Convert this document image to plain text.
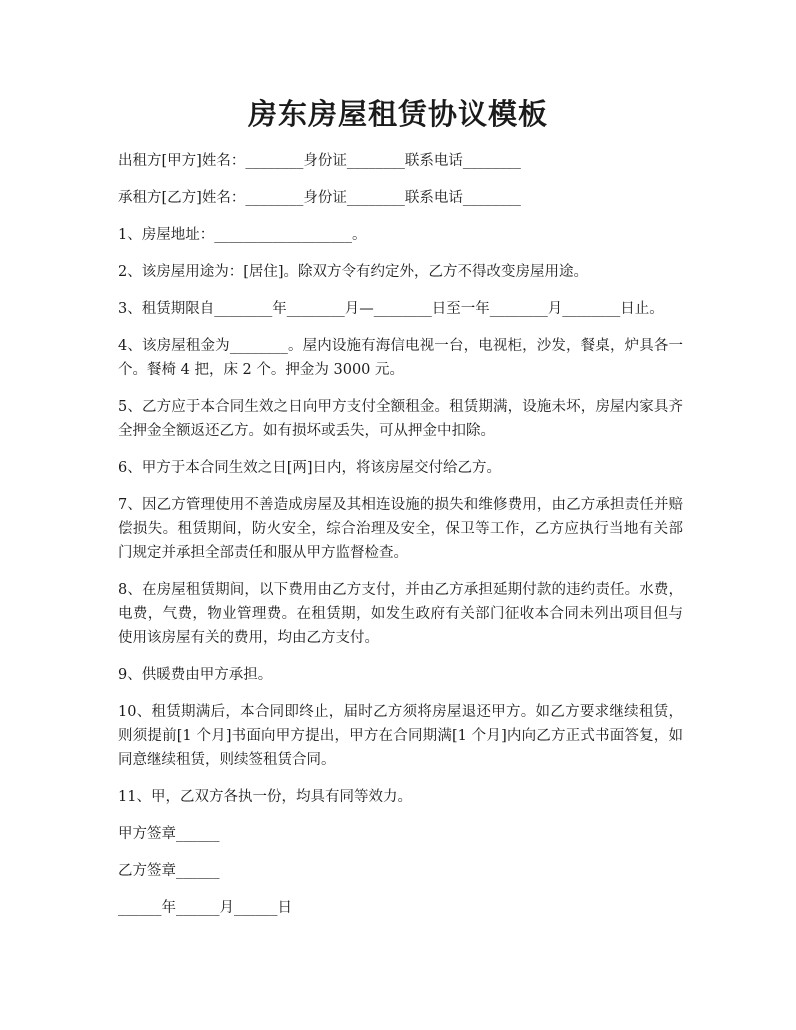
房东房屋租赁协议模板

出租方[甲方]姓名：________身份证________联系电话________

承租方[乙方]姓名：________身份证________联系电话________

1、房屋地址：___________________。

2、该房屋用途为：[居住]。除双方令有约定外，乙方不得改变房屋用途。

3、租赁期限自________年________月—________日至一年________月________日止。

4、该房屋租金为________。屋内设施有海信电视一台，电视柜，沙发，餐桌，炉具各一个。餐椅 4 把，床 2 个。押金为 3000 元。

5、乙方应于本合同生效之日向甲方支付全额租金。租赁期满，设施未坏，房屋内家具齐全押金全额返还乙方。如有损坏或丢失，可从押金中扣除。

6、甲方于本合同生效之日[两]日内，将该房屋交付给乙方。

7、因乙方管理使用不善造成房屋及其相连设施的损失和维修费用，由乙方承担责任并赔偿损失。租赁期间，防火安全，综合治理及安全，保卫等工作，乙方应执行当地有关部门规定并承担全部责任和服从甲方监督检查。

8、在房屋租赁期间，以下费用由乙方支付，并由乙方承担延期付款的违约责任。水费，电费，气费，物业管理费。在租赁期，如发生政府有关部门征收本合同未列出项目但与使用该房屋有关的费用，均由乙方支付。

9、供暖费由甲方承担。

10、租赁期满后，本合同即终止，届时乙方须将房屋退还甲方。如乙方要求继续租赁，则须提前[1 个月]书面向甲方提出，甲方在合同期满[1 个月]内向乙方正式书面答复，如同意继续租赁，则续签租赁合同。

11、甲，乙双方各执一份，均具有同等效力。

甲方签章______

乙方签章______

______年______月______日
